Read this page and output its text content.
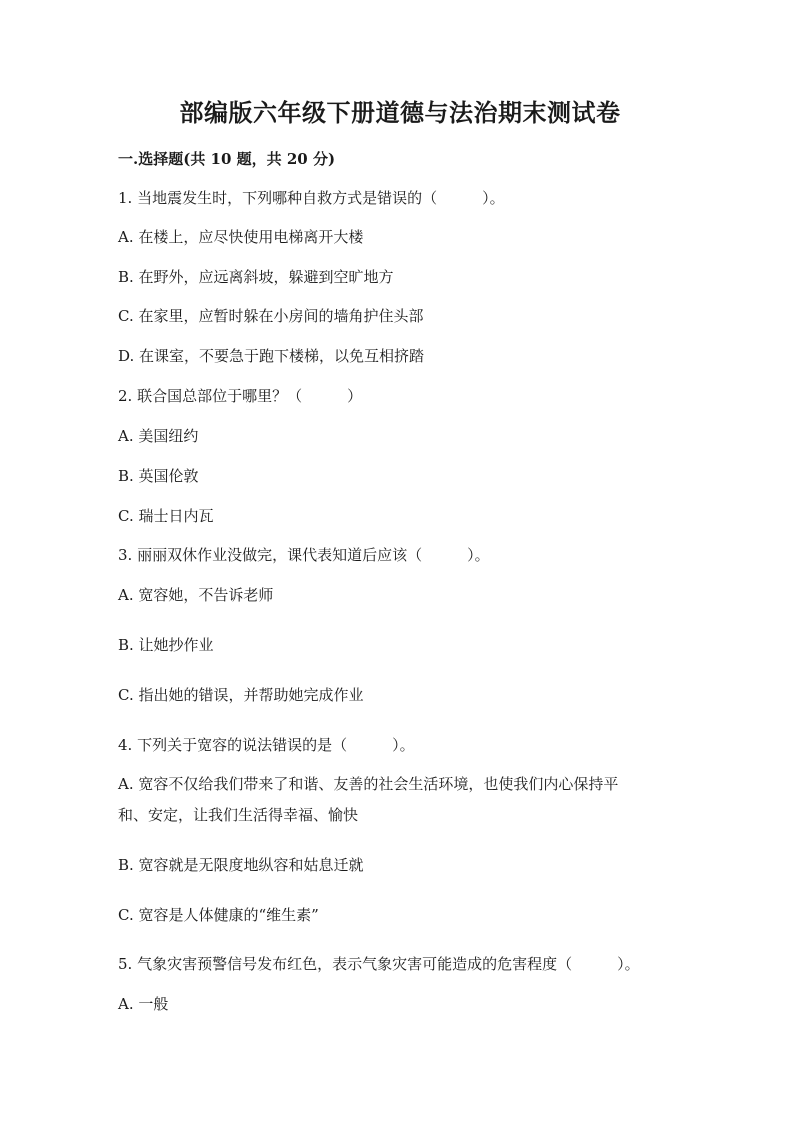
部编版六年级下册道德与法治期末测试卷
一.选择题(共 10 题，共 20 分)
1. 当地震发生时，下列哪种自救方式是错误的（　　　）。
A. 在楼上，应尽快使用电梯离开大楼
B. 在野外，应远离斜坡，躲避到空旷地方
C. 在家里，应暂时躲在小房间的墙角护住头部
D. 在课室，不要急于跑下楼梯，以免互相挤踏
2. 联合国总部位于哪里？（　　　）
A. 美国纽约
B. 英国伦敦
C. 瑞士日内瓦
3. 丽丽双休作业没做完，课代表知道后应该（　　　）。
A. 宽容她，不告诉老师
B. 让她抄作业
C. 指出她的错误，并帮助她完成作业
4. 下列关于宽容的说法错误的是（　　　）。
A. 宽容不仅给我们带来了和谐、友善的社会生活环境，也使我们内心保持平
和、安定，让我们生活得幸福、愉快
B. 宽容就是无限度地纵容和姑息迁就
C. 宽容是人体健康的“维生素”
5. 气象灾害预警信号发布红色，表示气象灾害可能造成的危害程度（　　　）。
A. 一般
